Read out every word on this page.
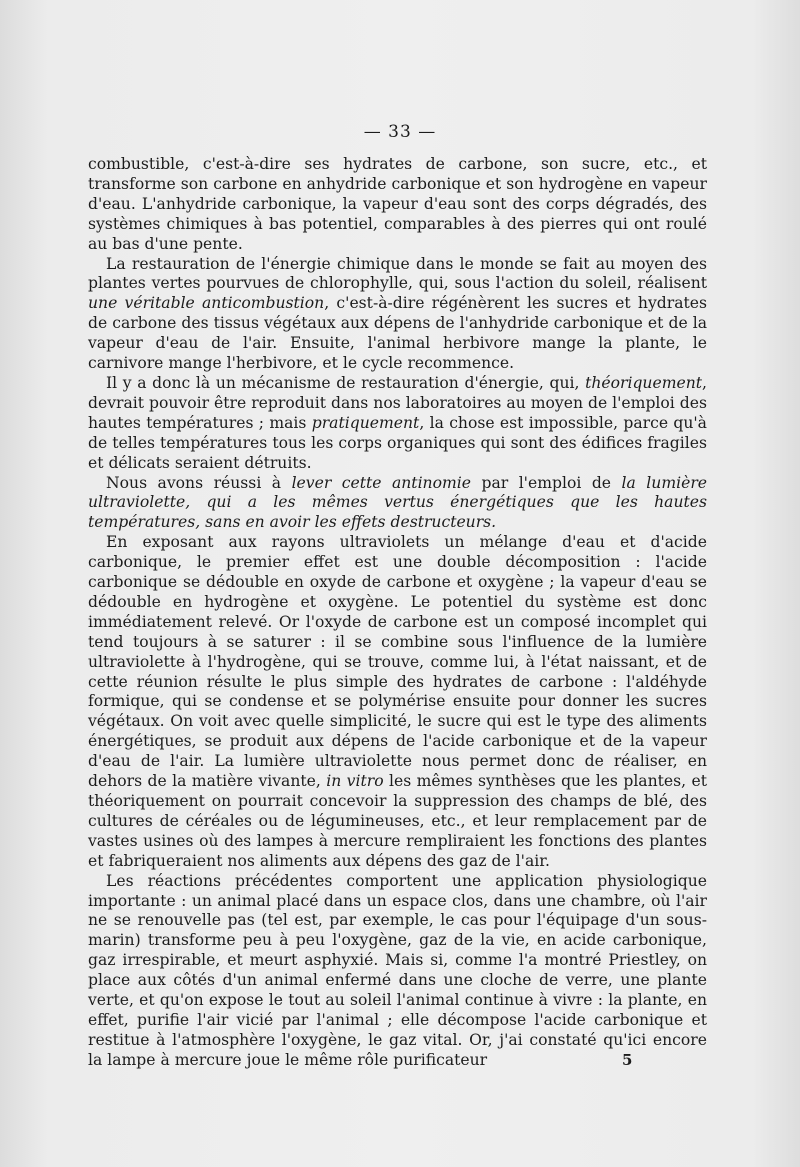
— 33 —

combustible, c'est-à-dire ses hydrates de carbone, son sucre, etc., et transforme son carbone en anhydride carbonique et son hydrogène en vapeur d'eau. L'anhydride carbonique, la vapeur d'eau sont des corps dégradés, des systèmes chimiques à bas potentiel, comparables à des pierres qui ont roulé au bas d'une pente.

La restauration de l'énergie chimique dans le monde se fait au moyen des plantes vertes pourvues de chlorophylle, qui, sous l'action du soleil, réalisent une véritable anticombustion, c'est-à-dire régénèrent les sucres et hydrates de carbone des tissus végétaux aux dépens de l'anhydride carbonique et de la vapeur d'eau de l'air. Ensuite, l'animal herbivore mange la plante, le carnivore mange l'herbivore, et le cycle recommence.

Il y a donc là un mécanisme de restauration d'énergie, qui, théoriquement, devrait pouvoir être reproduit dans nos laboratoires au moyen de l'emploi des hautes températures ; mais pratiquement, la chose est impossible, parce qu'à de telles températures tous les corps organiques qui sont des édifices fragiles et délicats seraient détruits.

Nous avons réussi à lever cette antinomie par l'emploi de la lumière ultraviolette, qui a les mêmes vertus énergétiques que les hautes températures, sans en avoir les effets destructeurs.

En exposant aux rayons ultraviolets un mélange d'eau et d'acide carbonique, le premier effet est une double décomposition : l'acide carbonique se dédouble en oxyde de carbone et oxygène ; la vapeur d'eau se dédouble en hydrogène et oxygène. Le potentiel du système est donc immédiatement relevé. Or l'oxyde de carbone est un composé incomplet qui tend toujours à se saturer : il se combine sous l'influence de la lumière ultraviolette à l'hydrogène, qui se trouve, comme lui, à l'état naissant, et de cette réunion résulte le plus simple des hydrates de carbone : l'aldéhyde formique, qui se condense et se polymérise ensuite pour donner les sucres végétaux. On voit avec quelle simplicité, le sucre qui est le type des aliments énergétiques, se produit aux dépens de l'acide carbonique et de la vapeur d'eau de l'air. La lumière ultraviolette nous permet donc de réaliser, en dehors de la matière vivante, in vitro les mêmes synthèses que les plantes, et théoriquement on pourrait concevoir la suppression des champs de blé, des cultures de céréales ou de légumineuses, etc., et leur remplacement par de vastes usines où des lampes à mercure rempliraient les fonctions des plantes et fabriqueraient nos aliments aux dépens des gaz de l'air.

Les réactions précédentes comportent une application physiologique importante : un animal placé dans un espace clos, dans une chambre, où l'air ne se renouvelle pas (tel est, par exemple, le cas pour l'équipage d'un sous-marin) transforme peu à peu l'oxygène, gaz de la vie, en acide carbonique, gaz irrespirable, et meurt asphyxié. Mais si, comme l'a montré Priestley, on place aux côtés d'un animal enfermé dans une cloche de verre, une plante verte, et qu'on expose le tout au soleil l'animal continue à vivre : la plante, en effet, purifie l'air vicié par l'animal ; elle décompose l'acide carbonique et restitue à l'atmosphère l'oxygène, le gaz vital. Or, j'ai constaté qu'ici encore la lampe à mercure joue le même rôle purificateur	5
